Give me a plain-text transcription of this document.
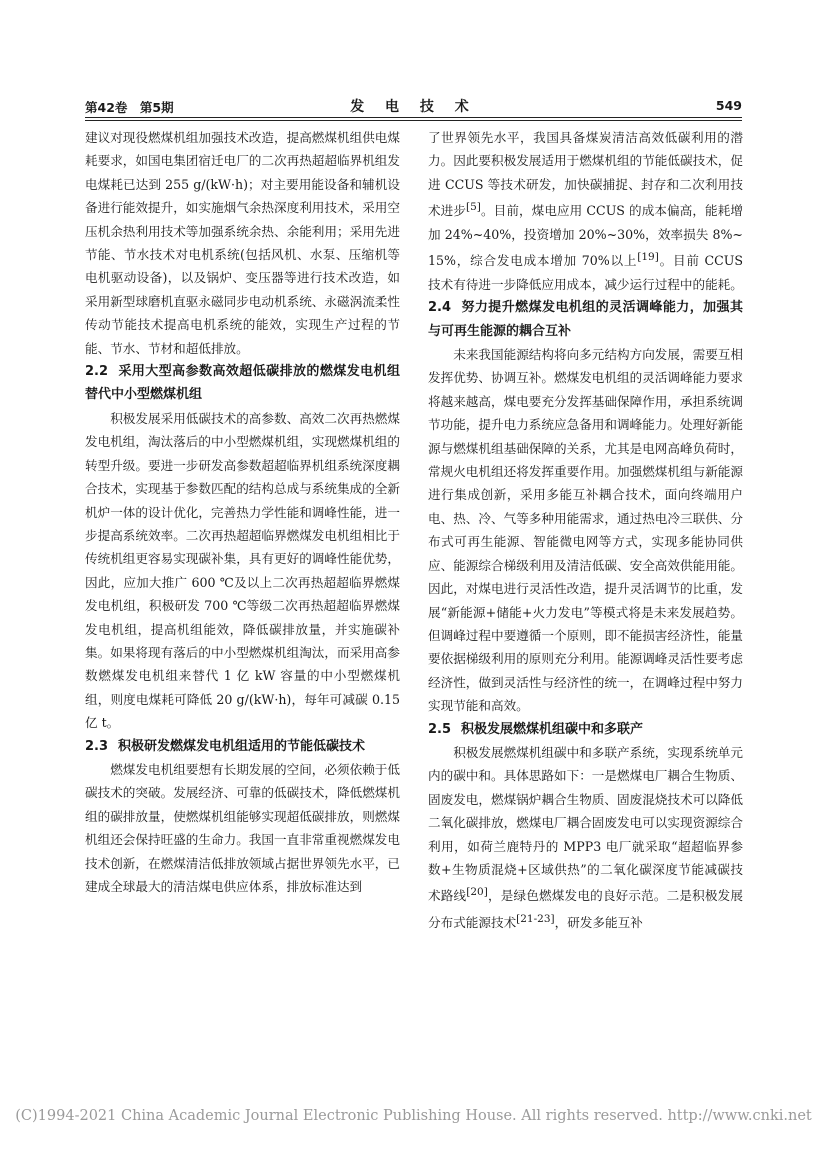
第42卷　第5期	发 电 技 术	549

建议对现役燃煤机组加强技术改造，提高燃煤机组供电煤耗要求，如国电集团宿迁电厂的二次再热超超临界机组发电煤耗已达到 255 g/(kW·h)；对主要用能设备和辅机设备进行能效提升，如实施烟气余热深度利用技术，采用空压机余热利用技术等加强系统余热、余能利用；采用先进节能、节水技术对电机系统(包括风机、水泵、压缩机等电机驱动设备)，以及锅炉、变压器等进行技术改造，如采用新型球磨机直驱永磁同步电动机系统、永磁涡流柔性传动节能技术提高电机系统的能效，实现生产过程的节能、节水、节材和超低排放。

2.2 采用大型高参数高效超低碳排放的燃煤发电机组替代中小型燃煤机组

积极发展采用低碳技术的高参数、高效二次再热燃煤发电机组，淘汰落后的中小型燃煤机组，实现燃煤机组的转型升级。要进一步研发高参数超超临界机组系统深度耦合技术，实现基于参数匹配的结构总成与系统集成的全新机炉一体的设计优化，完善热力学性能和调峰性能，进一步提高系统效率。二次再热超超临界燃煤发电机组相比于传统机组更容易实现碳补集，具有更好的调峰性能优势，因此，应加大推广 600 ℃及以上二次再热超超临界燃煤发电机组，积极研发 700 ℃等级二次再热超超临界燃煤发电机组，提高机组能效，降低碳排放量，并实施碳补集。如果将现有落后的中小型燃煤机组淘汰，而采用高参数燃煤发电机组来替代 1 亿 kW 容量的中小型燃煤机组，则度电煤耗可降低 20 g/(kW·h)，每年可减碳 0.15 亿 t。

2.3 积极研发燃煤发电机组适用的节能低碳技术

燃煤发电机组要想有长期发展的空间，必须依赖于低碳技术的突破。发展经济、可靠的低碳技术，降低燃煤机组的碳排放量，使燃煤机组能够实现超低碳排放，则燃煤机组还会保持旺盛的生命力。我国一直非常重视燃煤发电技术创新，在燃煤清洁低排放领域占据世界领先水平，已建成全球最大的清洁煤电供应体系，排放标准达到

了世界领先水平，我国具备煤炭清洁高效低碳利用的潜力。因此要积极发展适用于燃煤机组的节能低碳技术，促进 CCUS 等技术研发，加快碳捕捉、封存和二次利用技术进步[5]。目前，煤电应用 CCUS 的成本偏高，能耗增加 24%~40%，投资增加 20%~30%，效率损失 8%~15%，综合发电成本增加 70%以上[19]。目前 CCUS 技术有待进一步降低应用成本，减少运行过程中的能耗。

2.4 努力提升燃煤发电机组的灵活调峰能力，加强其与可再生能源的耦合互补

未来我国能源结构将向多元结构方向发展，需要互相发挥优势、协调互补。燃煤发电机组的灵活调峰能力要求将越来越高，煤电要充分发挥基础保障作用，承担系统调节功能，提升电力系统应急备用和调峰能力。处理好新能源与燃煤机组基础保障的关系，尤其是电网高峰负荷时，常规火电机组还将发挥重要作用。加强燃煤机组与新能源进行集成创新，采用多能互补耦合技术，面向终端用户电、热、冷、气等多种用能需求，通过热电冷三联供、分布式可再生能源、智能微电网等方式，实现多能协同供应、能源综合梯级利用及清洁低碳、安全高效供能用能。因此，对煤电进行灵活性改造，提升灵活调节的比重，发展“新能源+储能+火力发电”等模式将是未来发展趋势。但调峰过程中要遵循一个原则，即不能损害经济性，能量要依据梯级利用的原则充分利用。能源调峰灵活性要考虑经济性，做到灵活性与经济性的统一，在调峰过程中努力实现节能和高效。

2.5 积极发展燃煤机组碳中和多联产

积极发展燃煤机组碳中和多联产系统，实现系统单元内的碳中和。具体思路如下：一是燃煤电厂耦合生物质、固废发电，燃煤锅炉耦合生物质、固废混烧技术可以降低二氧化碳排放，燃煤电厂耦合固废发电可以实现资源综合利用，如荷兰鹿特丹的 MPP3 电厂就采取“超超临界参数+生物质混烧+区域供热”的二氧化碳深度节能减碳技术路线[20]，是绿色燃煤发电的良好示范。二是积极发展分布式能源技术[21-23]，研发多能互补

(C)1994-2021 China Academic Journal Electronic Publishing House. All rights reserved. http://www.cnki.net
